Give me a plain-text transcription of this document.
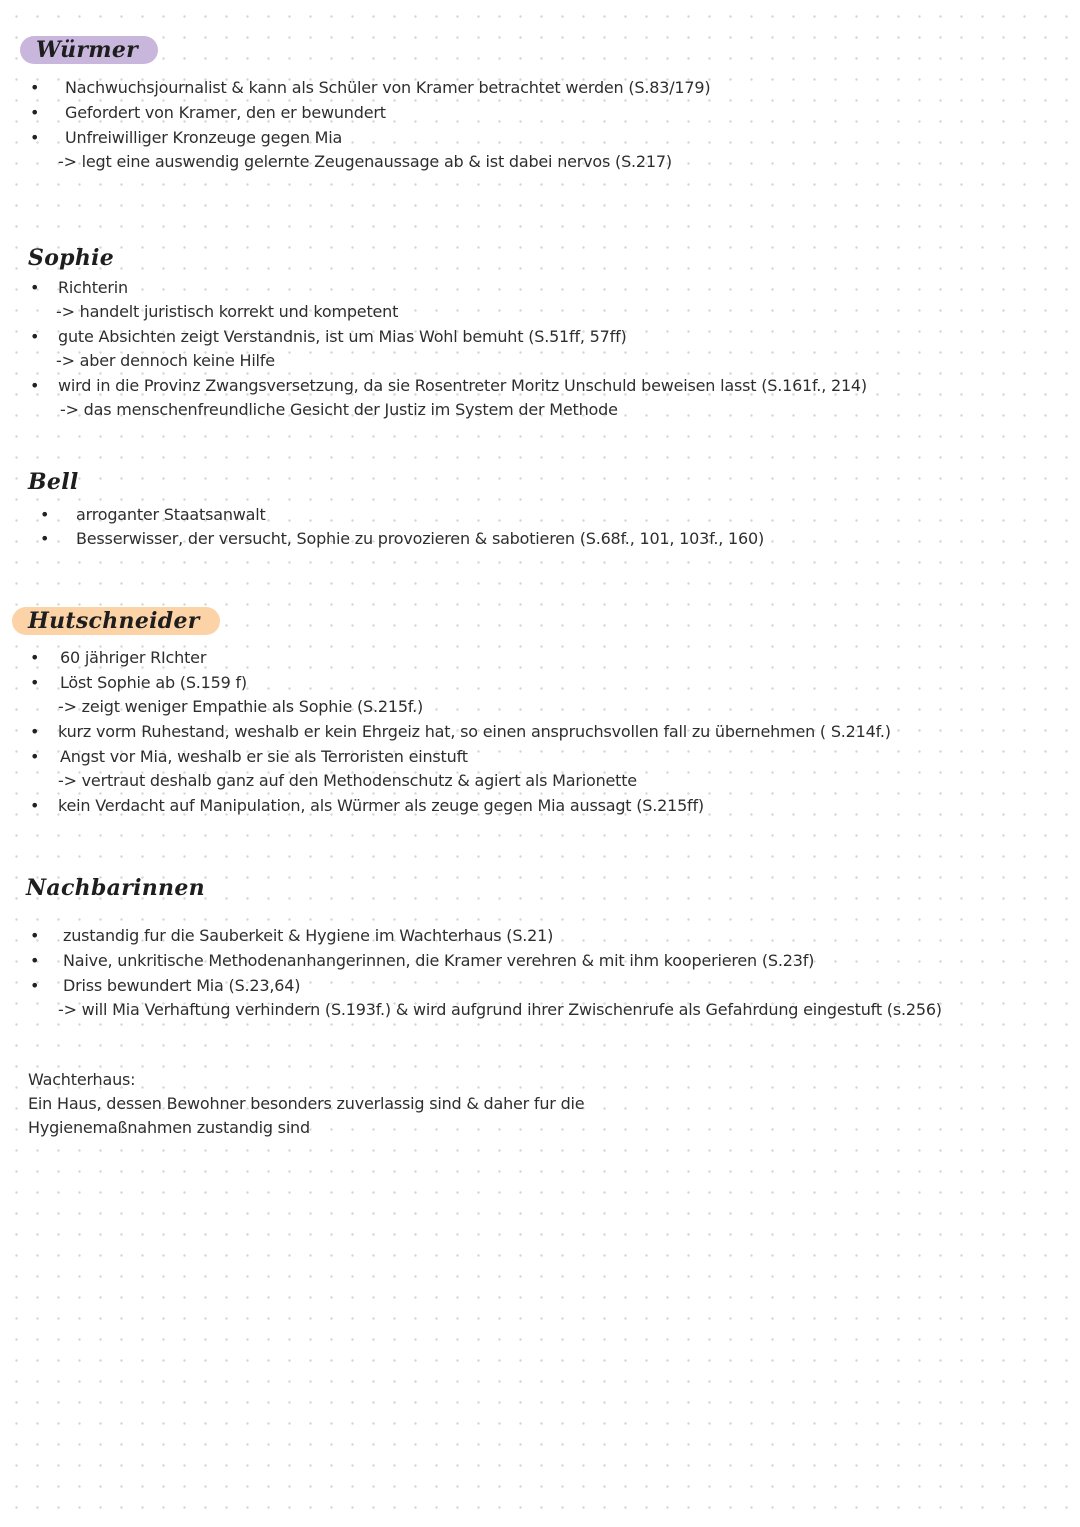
Würmer
• Nachwuchsjournalist & kann als Schüler von Kramer betrachtet werden (S.83/179)
• Gefordert von Kramer, den er bewundert
• Unfreiwilliger Kronzeuge gegen Mia
-> legt eine auswendig gelernte Zeugenaussage ab & ist dabei nervos (S.217)
Sophie
• Richterin
-> handelt juristisch korrekt und kompetent
• gute Absichten zeigt Verstandnis, ist um Mias Wohl bemuht (S.51ff, 57ff)
-> aber dennoch keine Hilfe
• wird in die Provinz Zwangsversetzung, da sie Rosentreter Moritz Unschuld beweisen lasst (S.161f., 214)
-> das menschenfreundliche Gesicht der Justiz im System der Methode
Bell
• arroganter Staatsanwalt
• Besserwisser, der versucht, Sophie zu provozieren & sabotieren (S.68f., 101, 103f., 160)
Hutschneider
• 60 jähriger RIchter
• Löst Sophie ab (S.159 f)
-> zeigt weniger Empathie als Sophie (S.215f.)
• kurz vorm Ruhestand, weshalb er kein Ehrgeiz hat, so einen anspruchsvollen fall zu übernehmen ( S.214f.)
• Angst vor Mia, weshalb er sie als Terroristen einstuft
-> vertraut deshalb ganz auf den Methodenschutz & agiert als Marionette
• kein Verdacht auf Manipulation, als Würmer als zeuge gegen Mia aussagt (S.215ff)
Nachbarinnen
• zustandig fur die Sauberkeit & Hygiene im Wachterhaus (S.21)
• Naive, unkritische Methodenanhangerinnen, die Kramer verehren & mit ihm kooperieren (S.23f)
• Driss bewundert Mia (S.23,64)
-> will Mia Verhaftung verhindern (S.193f.) & wird aufgrund ihrer Zwischenrufe als Gefahrdung eingestuft (s.256)
Wachterhaus:
Ein Haus, dessen Bewohner besonders zuverlassig sind & daher fur die
Hygienemaßnahmen zustandig sind
